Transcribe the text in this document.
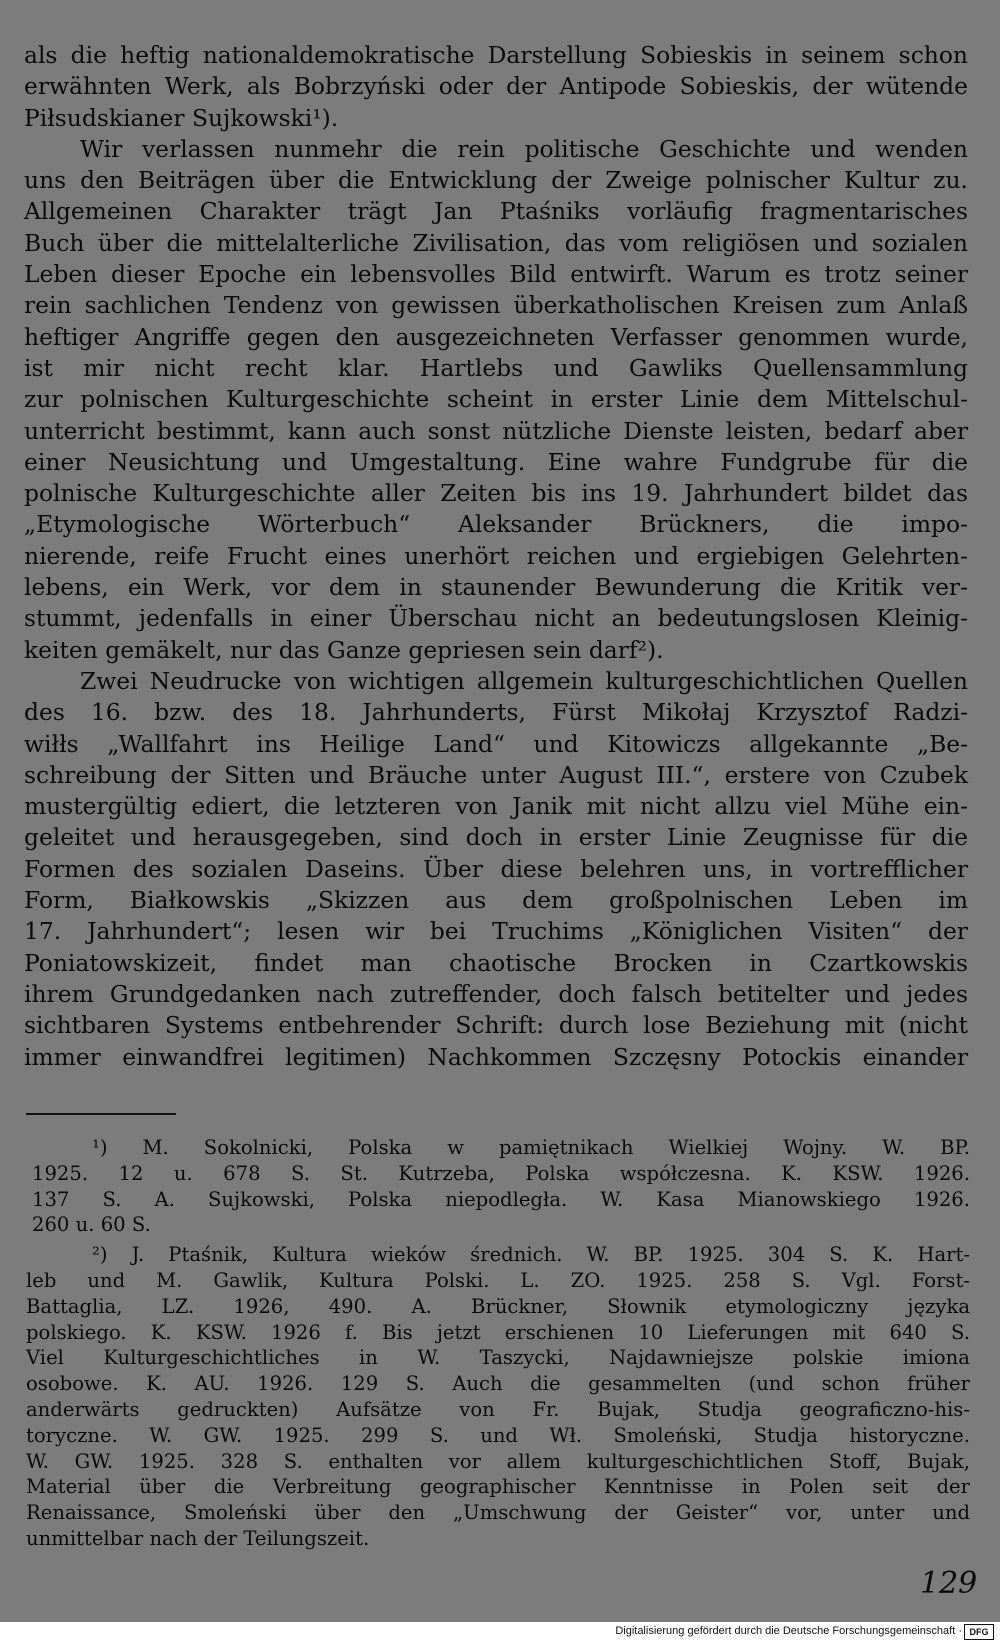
als die heftig nationaldemokratische Darstellung Sobieskis in seinem schon

erwähnten Werk, als Bobrzyński oder der Antipode Sobieskis, der wütende

Piłsudskianer Sujkowski¹).

Wir verlassen nunmehr die rein politische Geschichte und wenden

uns den Beiträgen über die Entwicklung der Zweige polnischer Kultur zu.

Allgemeinen Charakter trägt Jan Ptaśniks vorläufig fragmentarisches

Buch über die mittelalterliche Zivilisation, das vom religiösen und sozialen

Leben dieser Epoche ein lebensvolles Bild entwirft. Warum es trotz seiner

rein sachlichen Tendenz von gewissen überkatholischen Kreisen zum Anlaß

heftiger Angriffe gegen den ausgezeichneten Verfasser genommen wurde,

ist mir nicht recht klar. Hartlebs und Gawliks Quellensammlung

zur polnischen Kulturgeschichte scheint in erster Linie dem Mittelschul-

unterricht bestimmt, kann auch sonst nützliche Dienste leisten, bedarf aber

einer Neusichtung und Umgestaltung. Eine wahre Fundgrube für die

polnische Kulturgeschichte aller Zeiten bis ins 19. Jahrhundert bildet das

„Etymologische Wörterbuch“ Aleksander Brückners, die impo-

nierende, reife Frucht eines unerhört reichen und ergiebigen Gelehrten-

lebens, ein Werk, vor dem in staunender Bewunderung die Kritik ver-

stummt, jedenfalls in einer Überschau nicht an bedeutungslosen Kleinig-

keiten gemäkelt, nur das Ganze gepriesen sein darf²).

Zwei Neudrucke von wichtigen allgemein kulturgeschichtlichen Quellen

des 16. bzw. des 18. Jahrhunderts, Fürst Mikołaj Krzysztof Radzi-

wiłłs „Wallfahrt ins Heilige Land“ und Kitowiczs allgekannte „Be-

schreibung der Sitten und Bräuche unter August III.“, erstere von Czubek

mustergültig ediert, die letzteren von Janik mit nicht allzu viel Mühe ein-

geleitet und herausgegeben, sind doch in erster Linie Zeugnisse für die

Formen des sozialen Daseins. Über diese belehren uns, in vortrefflicher

Form, Białkowskis „Skizzen aus dem großpolnischen Leben im

17. Jahrhundert“; lesen wir bei Truchims „Königlichen Visiten“ der

Poniatowskizeit, findet man chaotische Brocken in Czartkowskis

ihrem Grundgedanken nach zutreffender, doch falsch betitelter und jedes

sichtbaren Systems entbehrender Schrift: durch lose Beziehung mit (nicht

immer einwandfrei legitimen) Nachkommen Szczęsny Potockis einander

¹) M. Sokolnicki, Polska w pamiętnikach Wielkiej Wojny. W. BP.

1925. 12 u. 678 S. St. Kutrzeba, Polska współczesna. K. KSW. 1926.

137 S. A. Sujkowski, Polska niepodległa. W. Kasa Mianowskiego 1926.

260 u. 60 S.

²) J. Ptaśnik, Kultura wieków średnich. W. BP. 1925. 304 S. K. Hart-

leb und M. Gawlik, Kultura Polski. L. ZO. 1925. 258 S. Vgl. Forst-

Battaglia, LZ. 1926, 490. A. Brückner, Słownik etymologiczny języka

polskiego. K. KSW. 1926 f. Bis jetzt erschienen 10 Lieferungen mit 640 S.

Viel Kulturgeschichtliches in W. Taszycki, Najdawniejsze polskie imiona

osobowe. K. AU. 1926. 129 S. Auch die gesammelten (und schon früher

anderwärts gedruckten) Aufsätze von Fr. Bujak, Studja geograficzno-his-

toryczne. W. GW. 1925. 299 S. und Wł. Smoleński, Studja historyczne.

W. GW. 1925. 328 S. enthalten vor allem kulturgeschichtlichen Stoff, Bujak,

Material über die Verbreitung geographischer Kenntnisse in Polen seit der

Renaissance, Smoleński über den „Umschwung der Geister“ vor, unter und

unmittelbar nach der Teilungszeit.

129
Digitalisierung gefördert durch die Deutsche Forschungsgemeinschaft · DFG
